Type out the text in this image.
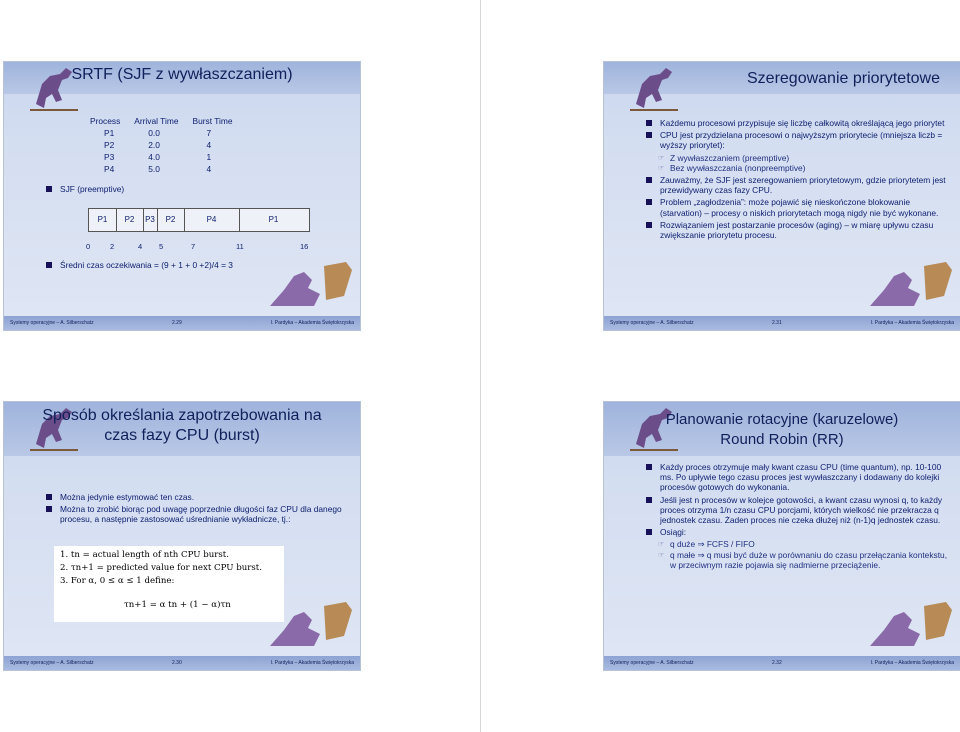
SRTF (SJF z wywłaszczaniem)
Process	Arrival Time	Burst Time
P1	0.0	7
P2	2.0	4
P3	4.0	1
P4	5.0	4
SJF (preemptive)
P1	P2	P3	P2	P4	P1
0	2	4 5	7	11	16
Średni czas oczekiwania = (9 + 1 + 0 +2)/4 = 3
Systemy operacyjne – A. Silberschatz	2.29	I. Pardyka – Akademia Świętokrzyska
Szeregowanie priorytetowe
Każdemu procesowi przypisuje się liczbę całkowitą określającą jego priorytet
CPU jest przydzielana procesowi o najwyższym priorytecie (mniejsza liczb = wyższy priorytet):
☞ Z wywłaszczaniem (preemptive)
☞ Bez wywłaszczania (nonpreemptive)
Zauważmy, że SJF jest szeregowaniem priorytetowym, gdzie priorytetem jest przewidywany czas fazy CPU.
Problem „zagłodzenia”: może pojawić się nieskończone blokowanie (starvation) – procesy o niskich priorytetach mogą nigdy nie być wykonane.
Rozwiązaniem jest postarzanie procesów (aging) – w miarę upływu czasu zwiększanie priorytetu procesu.
Systemy operacyjne – A. Silberschatz	2.31	I. Pardyka – Akademia Świętokrzyska
Sposób określania zapotrzebowania na
czas fazy CPU (burst)
Można jedynie estymować ten czas.
Można to zrobić biorąc pod uwagę poprzednie długości faz CPU dla danego procesu, a następnie zastosować uśrednianie wykładnicze, tj.:
1. tn = actual length of nth CPU burst.
2. τn+1 = predicted value for next CPU burst.
3. For α, 0 ≤ α ≤ 1 define:
τn+1 = α tn + (1 − α)τn
Systemy operacyjne – A. Silberschatz	2.30	I. Pardyka – Akademia Świętokrzyska
Planowanie rotacyjne (karuzelowe)
Round Robin (RR)
Każdy proces otrzymuje mały kwant czasu CPU (time quantum), np. 10-100 ms. Po upływie tego czasu proces jest wywłaszczany i dodawany do kolejki procesów gotowych do wykonania.
Jeśli jest n procesów w kolejce gotowości, a kwant czasu wynosi q, to każdy proces otrzyma 1/n czasu CPU porcjami, których wielkość nie przekracza q jednostek czasu. Żaden proces nie czeka dłużej niż (n-1)q jednostek czasu.
Osiągi:
☞ q duże ⇒ FCFS / FIFO
☞ q małe ⇒ q musi być duże w porównaniu do czasu przełączania kontekstu, w przeciwnym razie pojawia się nadmierne przeciążenie.
Systemy operacyjne – A. Silberschatz	2.32	I. Pardyka – Akademia Świętokrzyska
